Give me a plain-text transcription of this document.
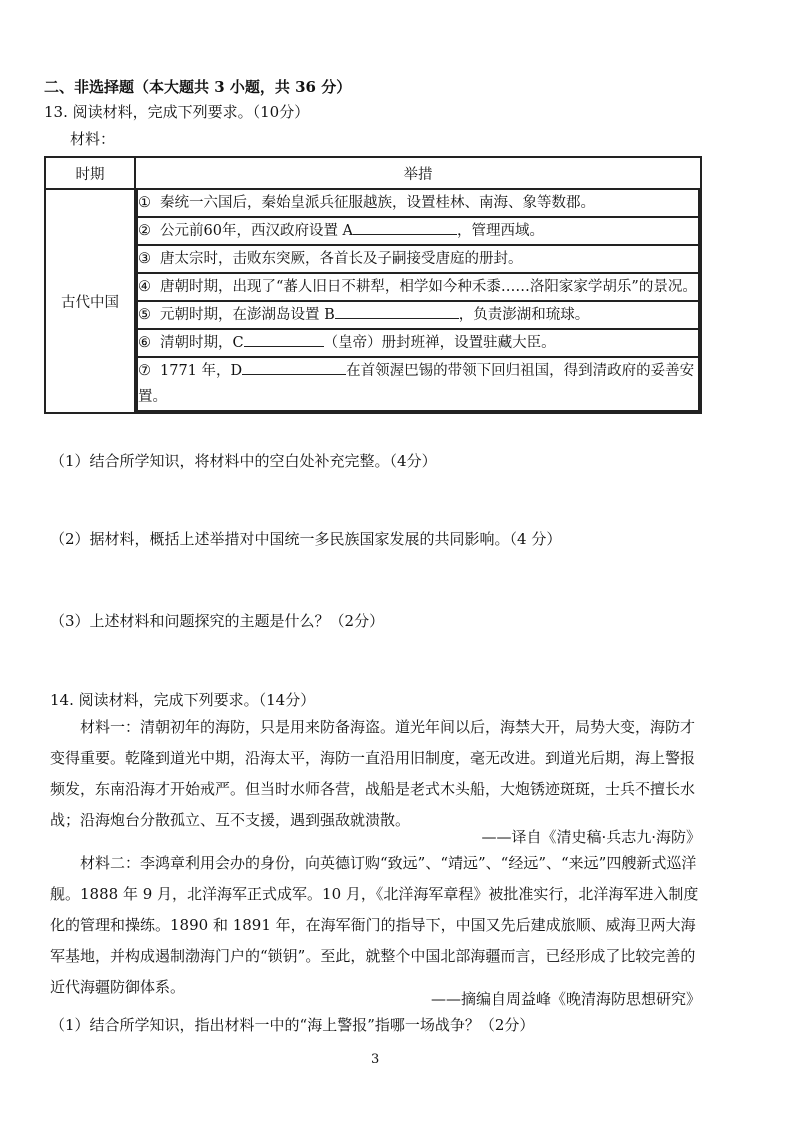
二、非选择题（本大题共 3 小题，共 36 分）
13. 阅读材料，完成下列要求。（10分）
材料：
时期	举措
古代中国	
① 秦统一六国后，秦始皇派兵征服越族，设置桂林、南海、象等数郡。
② 公元前60年，西汉政府设置 A	，管理西域。
③ 唐太宗时，击败东突厥，各首长及子嗣接受唐庭的册封。
④ 唐朝时期，出现了“蕃人旧日不耕犁，相学如今种禾黍……洛阳家家学胡乐”的景况。
⑤ 元朝时期，在澎湖岛设置 B	，负责澎湖和琉球。
⑥ 清朝时期，C	（皇帝）册封班禅，设置驻藏大臣。
⑦ 1771 年，D	在首领渥巴锡的带领下回归祖国，得到清政府的妥善安置。
（1）结合所学知识，将材料中的空白处补充完整。（4分）
（2）据材料，概括上述举措对中国统一多民族国家发展的共同影响。（4 分）
（3）上述材料和问题探究的主题是什么？（2分）
14. 阅读材料，完成下列要求。（14分）
材料一：清朝初年的海防，只是用来防备海盗。道光年间以后，海禁大开，局势大变，海防才变得重要。乾隆到道光中期，沿海太平，海防一直沿用旧制度，毫无改进。到道光后期，海上警报频发，东南沿海才开始戒严。但当时水师各营，战船是老式木头船，大炮锈迹斑斑，士兵不擅长水战；沿海炮台分散孤立、互不支援，遇到强敌就溃散。
——译自《清史稿·兵志九·海防》
材料二：李鸿章利用会办的身份，向英德订购“致远”、“靖远”、“经远”、“来远”四艘新式巡洋舰。1888 年 9 月，北洋海军正式成军。10 月，《北洋海军章程》被批准实行，北洋海军进入制度化的管理和操练。1890 和 1891 年，在海军衙门的指导下，中国又先后建成旅顺、威海卫两大海军基地，并构成遏制渤海门户的“锁钥”。至此，就整个中国北部海疆而言，已经形成了比较完善的近代海疆防御体系。
——摘编自周益峰《晚清海防思想研究》
（1）结合所学知识，指出材料一中的“海上警报”指哪一场战争？（2分）
3
